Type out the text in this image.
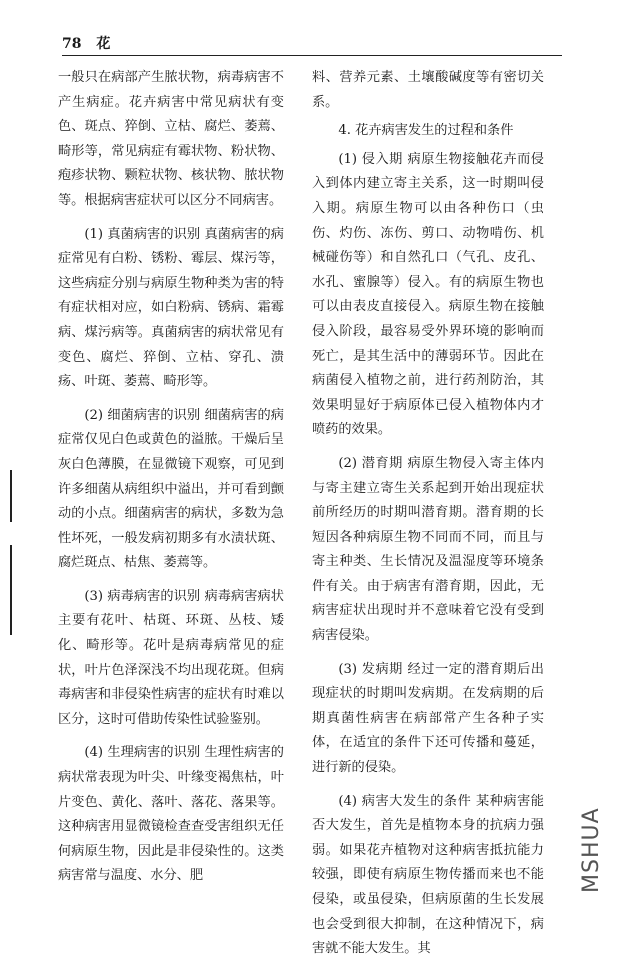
78 花

一般只在病部产生脓状物，病毒病害不产生病症。花卉病害中常见病状有变色、斑点、猝倒、立枯、腐烂、萎蔫、畸形等，常见病症有霉状物、粉状物、疱疹状物、颗粒状物、核状物、脓状物等。根据病害症状可以区分不同病害。

(1) 真菌病害的识别 真菌病害的病症常见有白粉、锈粉、霉层、煤污等，这些病症分别与病原生物种类为害的特有症状相对应，如白粉病、锈病、霜霉病、煤污病等。真菌病害的病状常见有变色、腐烂、猝倒、立枯、穿孔、溃疡、叶斑、萎蔫、畸形等。

(2) 细菌病害的识别 细菌病害的病症常仅见白色或黄色的溢脓。干燥后呈灰白色薄膜，在显微镜下观察，可见到许多细菌从病组织中溢出，并可看到颤动的小点。细菌病害的病状，多数为急性坏死，一般发病初期多有水渍状斑、腐烂斑点、枯焦、萎蔫等。

(3) 病毒病害的识别 病毒病害病状主要有花叶、枯斑、环斑、丛枝、矮化、畸形等。花叶是病毒病常见的症状，叶片色泽深浅不均出现花斑。但病毒病害和非侵染性病害的症状有时难以区分，这时可借助传染性试验鉴别。

(4) 生理病害的识别 生理性病害的病状常表现为叶尖、叶缘变褐焦枯，叶片变色、黄化、落叶、落花、落果等。这种病害用显微镜检查查受害组织无任何病原生物，因此是非侵染性的。这类病害常与温度、水分、肥

料、营养元素、土壤酸碱度等有密切关系。

4. 花卉病害发生的过程和条件

(1) 侵入期 病原生物接触花卉而侵入到体内建立寄主关系，这一时期叫侵入期。病原生物可以由各种伤口（虫伤、灼伤、冻伤、剪口、动物啃伤、机械碰伤等）和自然孔口（气孔、皮孔、水孔、蜜腺等）侵入。有的病原生物也可以由表皮直接侵入。病原生物在接触侵入阶段，最容易受外界环境的影响而死亡，是其生活中的薄弱环节。因此在病菌侵入植物之前，进行药剂防治，其效果明显好于病原体已侵入植物体内才喷药的效果。

(2) 潜育期 病原生物侵入寄主体内与寄主建立寄生关系起到开始出现症状前所经历的时期叫潜育期。潜育期的长短因各种病原生物不同而不同，而且与寄主种类、生长情况及温湿度等环境条件有关。由于病害有潜育期，因此，无病害症状出现时并不意味着它没有受到病害侵染。

(3) 发病期 经过一定的潜育期后出现症状的时期叫发病期。在发病期的后期真菌性病害在病部常产生各种子实体，在适宜的条件下还可传播和蔓延，进行新的侵染。

(4) 病害大发生的条件 某种病害能否大发生，首先是植物本身的抗病力强弱。如果花卉植物对这种病害抵抗能力较强，即使有病原生物传播而来也不能侵染，或虽侵染，但病原菌的生长发展也会受到很大抑制，在这种情况下，病害就不能大发生。其

MSHUA
